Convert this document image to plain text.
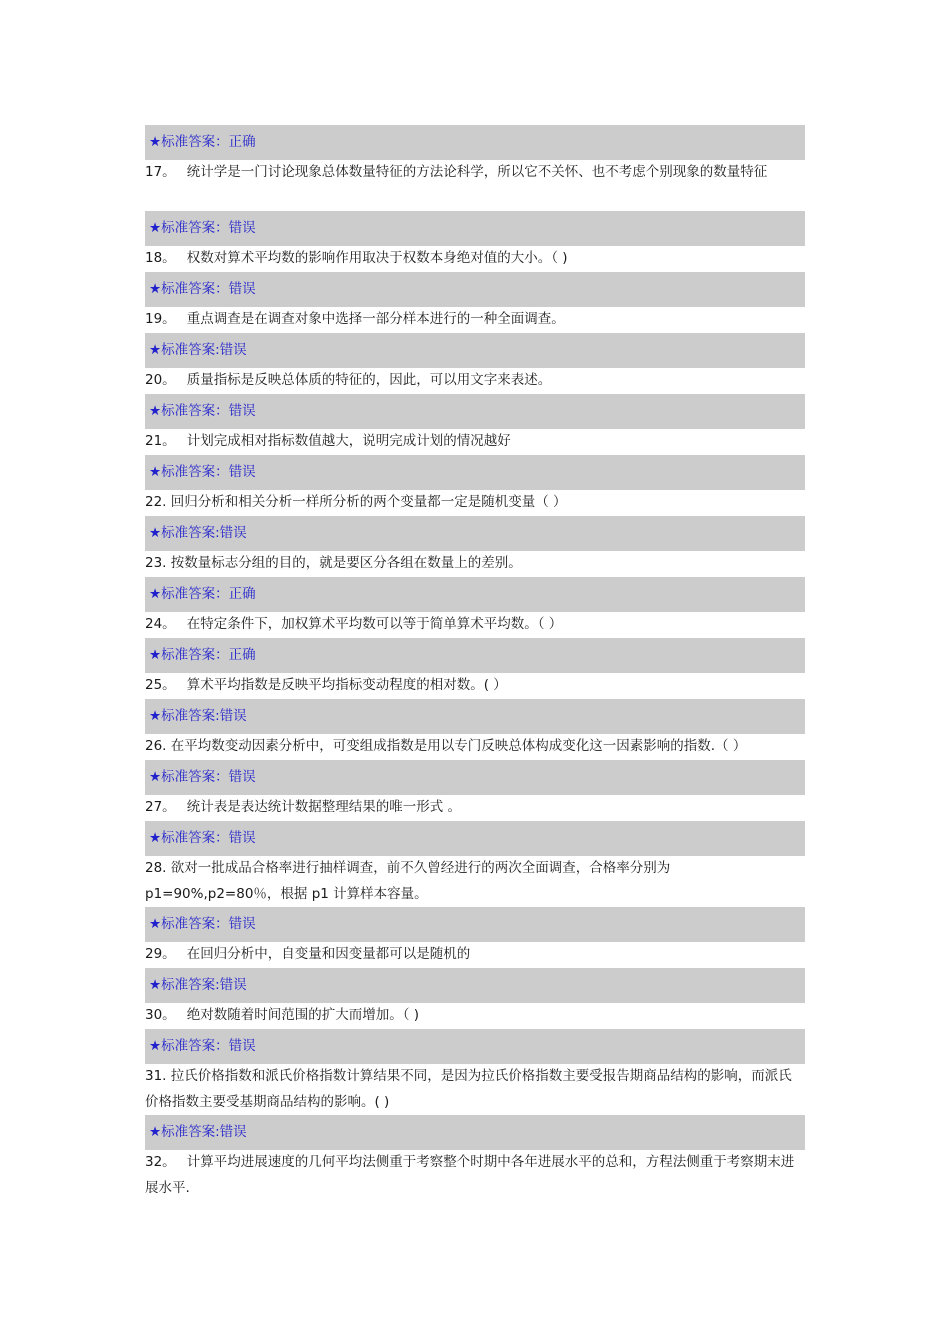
★标准答案：正确
17。　 统计学是一门讨论现象总体数量特征的方法论科学，所以它不关怀、也不考虑个别现象的数量特征
★标准答案：错误
18。　 权数对算术平均数的影响作用取决于权数本身绝对值的大小。（ )
★标准答案：错误
19。　 重点调查是在调查对象中选择一部分样本进行的一种全面调查。
★标准答案:错误
20。　 质量指标是反映总体质的特征的，因此，可以用文字来表述。
★标准答案：错误
21。　 计划完成相对指标数值越大，说明完成计划的情况越好
★标准答案：错误
22. 回归分析和相关分析一样所分析的两个变量都一定是随机变量（ ）
★标准答案:错误
23. 按数量标志分组的目的，就是要区分各组在数量上的差别。
★标准答案：正确
24。　 在特定条件下，加权算术平均数可以等于简单算术平均数。（ ）
★标准答案：正确
25。　 算术平均指数是反映平均指标变动程度的相对数。( ）
★标准答案:错误
26. 在平均数变动因素分析中，可变组成指数是用以专门反映总体构成变化这一因素影响的指数.（ ）
★标准答案：错误
27。　 统计表是表达统计数据整理结果的唯一形式 。
★标准答案：错误
28. 欲对一批成品合格率进行抽样调查，前不久曾经进行的两次全面调查，合格率分别为p1=90%,p2=80％，根据 p1 计算样本容量。
★标准答案：错误
29。　 在回归分析中，自变量和因变量都可以是随机的
★标准答案:错误
30。　 绝对数随着时间范围的扩大而增加。（ )
★标准答案：错误
31. 拉氏价格指数和派氏价格指数计算结果不同，是因为拉氏价格指数主要受报告期商品结构的影响，而派氏价格指数主要受基期商品结构的影响。( )
★标准答案:错误
32。　 计算平均进展速度的几何平均法侧重于考察整个时期中各年进展水平的总和，方程法侧重于考察期末进展水平.
